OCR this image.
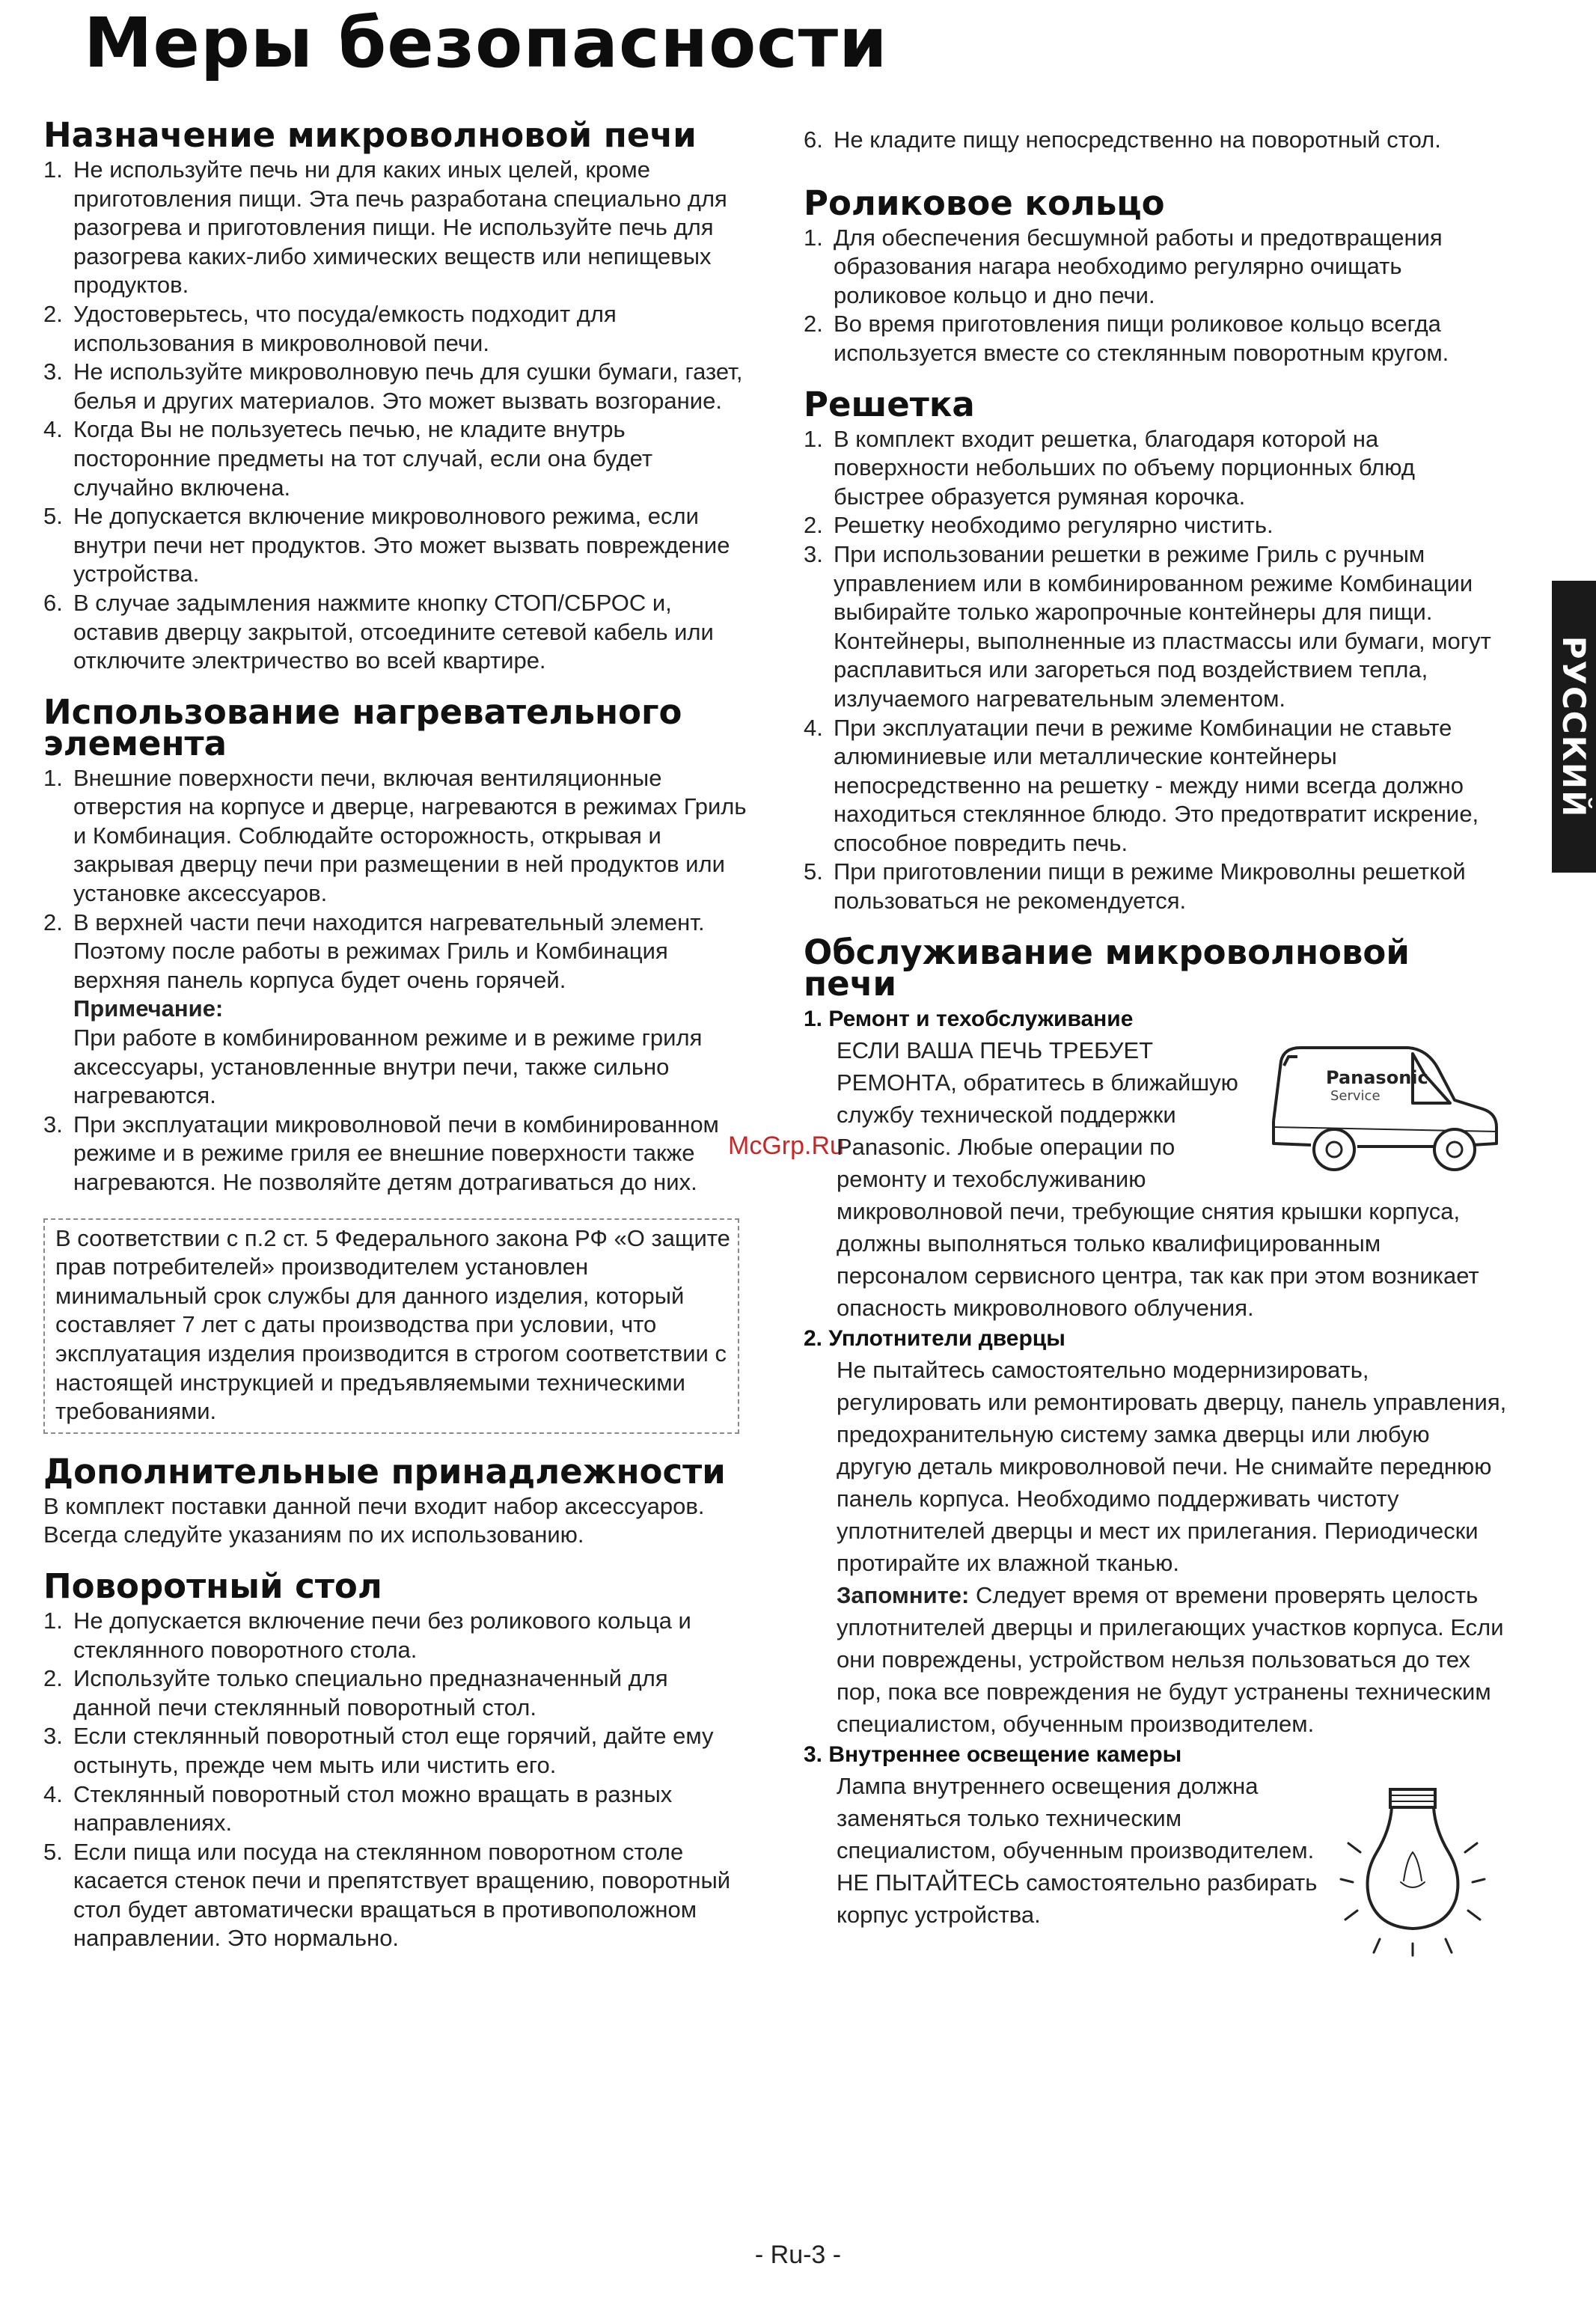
Меры безопасности
РУССКИЙ
McGrp.Ru
Назначение микроволновой печи
1. Не используйте печь ни для каких иных целей, кроме приготовления пищи. Эта печь разработана специально для разогрева и приготовления пищи. Не используйте печь для разогрева каких-либо химических веществ или непищевых продуктов.
2. Удостоверьтесь, что посуда/емкость подходит для использования в микроволновой печи.
3. Не используйте микроволновую печь для сушки бумаги, газет, белья и других материалов. Это может вызвать возгорание.
4. Когда Вы не пользуетесь печью, не кладите внутрь посторонние предметы на тот случай, если она будет случайно включена.
5. Не допускается включение микроволнового режима, если внутри печи нет продуктов. Это может вызвать повреждение устройства.
6. В случае задымления нажмите кнопку СТОП/СБРОС и, оставив дверцу закрытой, отсоедините сетевой кабель или отключите электричество во всей квартире.
Использование нагревательного элемента
1. Внешние поверхности печи, включая вентиляционные отверстия на корпусе и дверце, нагреваются в режимах Гриль и Комбинация. Соблюдайте осторожность, открывая и закрывая дверцу печи при размещении в ней продуктов или установке аксессуаров.
2. В верхней части печи находится нагревательный элемент. Поэтому после работы в режимах Гриль и Комбинация верхняя панель корпуса будет очень горячей.

Примечание:

При работе в комбинированном режиме и в режиме гриля аксессуары, установленные внутри печи, также сильно нагреваются.

3. При эксплуатации микроволновой печи в комбинированном режиме и в режиме гриля ее внешние поверхности также нагреваются. Не позволяйте детям дотрагиваться до них.

В соответствии с п.2 ст. 5 Федерального закона РФ «О защите прав потребителей» производителем установлен минимальный срок службы для данного изделия, который составляет 7 лет с даты производства при условии, что эксплуатация изделия производится в строгом соответствии с настоящей инструкцией и предъявляемыми техническими требованиями.

Дополнительные принадлежности

В комплект поставки данной печи входит набор аксессуаров. Всегда следуйте указаниям по их использованию.

Поворотный стол
1. Не допускается включение печи без роликового кольца и стеклянного поворотного стола.
2. Используйте только специально предназначенный для данной печи стеклянный поворотный стол.
3. Если стеклянный поворотный стол еще горячий, дайте ему остынуть, прежде чем мыть или чистить его.
4. Стеклянный поворотный стол можно вращать в разных направлениях.
5. Если пища или посуда на стеклянном поворотном столе касается стенок печи и препятствует вращению, поворотный стол будет автоматически вращаться в противоположном направлении. Это нормально.
6. Не кладите пищу непосредственно на поворотный стол.
Роликовое кольцо
1. Для обеспечения бесшумной работы и предотвращения образования нагара необходимо регулярно очищать роликовое кольцо и дно печи.
2. Во время приготовления пищи роликовое кольцо всегда используется вместе со стеклянным поворотным кругом.
Решетка
1. В комплект входит решетка, благодаря которой на поверхности небольших по объему порционных блюд быстрее образуется румяная корочка.
2. Решетку необходимо регулярно чистить.
3. При использовании решетки в режиме Гриль с ручным управлением или в комбинированном режиме Комбинации выбирайте только жаропрочные контейнеры для пищи. Контейнеры, выполненные из пластмассы или бумаги, могут расплавиться или загореться под воздействием тепла, излучаемого нагревательным элементом.
4. При эксплуатации печи в режиме Комбинации не ставьте алюминиевые или металлические контейнеры непосредственно на решетку - между ними всегда должно находиться стеклянное блюдо. Это предотвратит искрение, способное повредить печь.
5. При приготовлении пищи в режиме Микроволны решеткой пользоваться не рекомендуется.
Обслуживание микроволновой печи

1. Ремонт и техобслуживание

Panasonic
Service
ЕСЛИ ВАША ПЕЧЬ ТРЕБУЕТ РЕМОНТА, обратитесь в ближайшую службу технической поддержки Panasonic. Любые операции по ремонту и техобслуживанию микроволновой печи, требующие снятия крышки корпуса, должны выполняться только квалифицированным персоналом сервисного центра, так как при этом возникает опасность микроволнового облучения.

2. Уплотнители дверцы

Не пытайтесь самостоятельно модернизировать, регулировать или ремонтировать дверцу, панель управления, предохранительную систему замка дверцы или любую другую деталь микроволновой печи. Не снимайте переднюю панель корпуса. Необходимо поддерживать чистоту уплотнителей дверцы и мест их прилегания. Периодически протирайте их влажной тканью.
Запомните: Следует время от времени проверять целость уплотнителей дверцы и прилегающих участков корпуса. Если они повреждены, устройством нельзя пользоваться до тех пор, пока все повреждения не будут устранены техническим специалистом, обученным производителем.

3. Внутреннее освещение камеры

Лампа внутреннего освещения должна заменяться только техническим специалистом, обученным производителем. НЕ ПЫТАЙТЕСЬ самостоятельно разбирать корпус устройства.
- Ru-3 -
